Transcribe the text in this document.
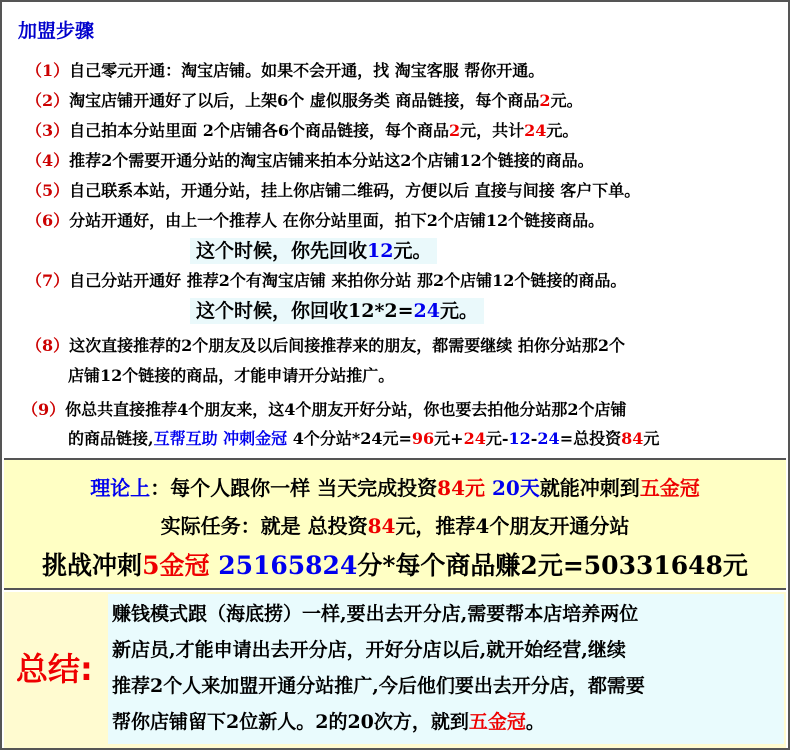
加盟步骤
（1）自己零元开通：淘宝店铺。如果不会开通，找 淘宝客服 帮你开通。
（2）淘宝店铺开通好了以后，上架6个 虚似服务类 商品链接，每个商品2元。
（3）自己拍本分站里面 2个店铺各6个商品链接，每个商品2元，共计24元。
（4）推荐2个需要开通分站的淘宝店铺来拍本分站这2个店铺12个链接的商品。
（5）自己联系本站，开通分站，挂上你店铺二维码，方便以后 直接与间接 客户下单。
（6）分站开通好，由上一个推荐人 在你分站里面，拍下2个店铺12个链接商品。
这个时候，你先回收12元。
（7）自己分站开通好 推荐2个有淘宝店铺 来拍你分站 那2个店铺12个链接的商品。
这个时候，你回收12*2=24元。
（8）这次直接推荐的2个朋友及以后间接推荐来的朋友，都需要继续 拍你分站那2个
店铺12个链接的商品，才能申请开分站推广。
（9）你总共直接推荐4个朋友来，这4个朋友开好分站，你也要去拍他分站那2个店铺
的商品链接,互帮互助 冲刺金冠 4个分站*24元=96元+24元-12-24=总投资84元
理论上：每个人跟你一样 当天完成投资84元 20天就能冲刺到五金冠
实际任务：就是 总投资84元，推荐4个朋友开通分站
挑战冲刺5金冠 25165824分*每个商品赚2元=50331648元
总结:
赚钱模式跟（海底捞）一样,要出去开分店,需要帮本店培养两位
新店员,才能申请出去开分店，开好分店以后,就开始经营,继续
推荐2个人来加盟开通分站推广,今后他们要出去开分店，都需要
帮你店铺留下2位新人。2的20次方，就到五金冠。
